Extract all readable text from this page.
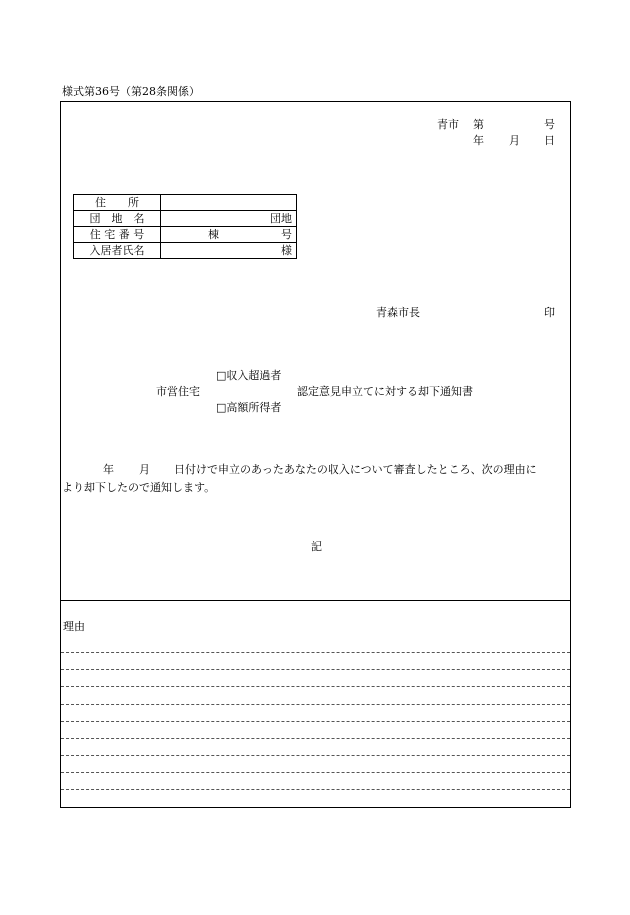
様式第36号（第28条関係）
青市 第	号
年 月 日
住　　所	
団　地　名	団地
住 宅 番 号	棟 号
入居者氏名	様
青森市長	印
□収入超過者
市営住宅	認定意見申立てに対する却下通知書
□高額所得者
年 月 日付けで申立のあったあなたの収入について審査したところ、次の理由に
より却下したので通知します。
記
理由
